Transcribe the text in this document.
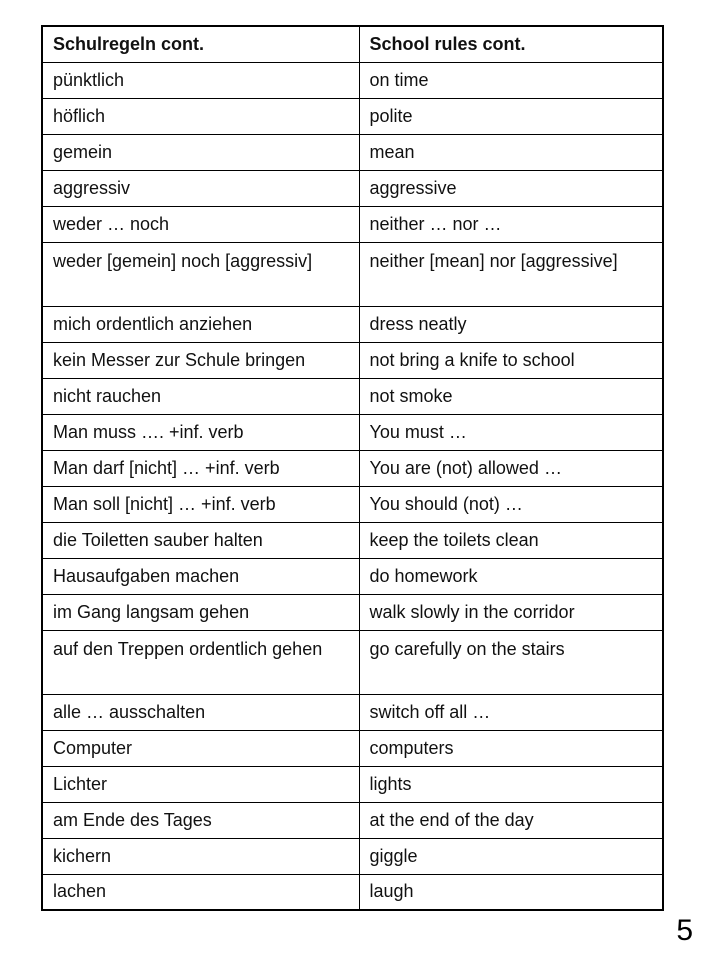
Schulregeln cont.	School rules cont.
pünktlich	on time
höflich	polite
gemein	mean
aggressiv	aggressive
weder … noch	neither … nor …
weder [gemein] noch [aggressiv]	neither [mean] nor [aggressive]
mich ordentlich anziehen	dress neatly
kein Messer zur Schule bringen	not bring a knife to school
nicht rauchen	not smoke
Man muss …. +inf. verb	You must …
Man darf [nicht] … +inf. verb	You are (not) allowed …
Man soll [nicht] … +inf. verb	You should (not) …
die Toiletten sauber halten	keep the toilets clean
Hausaufgaben machen	do homework
im Gang langsam gehen	walk slowly in the corridor
auf den Treppen ordentlich gehen	go carefully on the stairs
alle … ausschalten	switch off all …
Computer	computers
Lichter	lights
am Ende des Tages	at the end of the day
kichern	giggle
lachen	laugh
5
